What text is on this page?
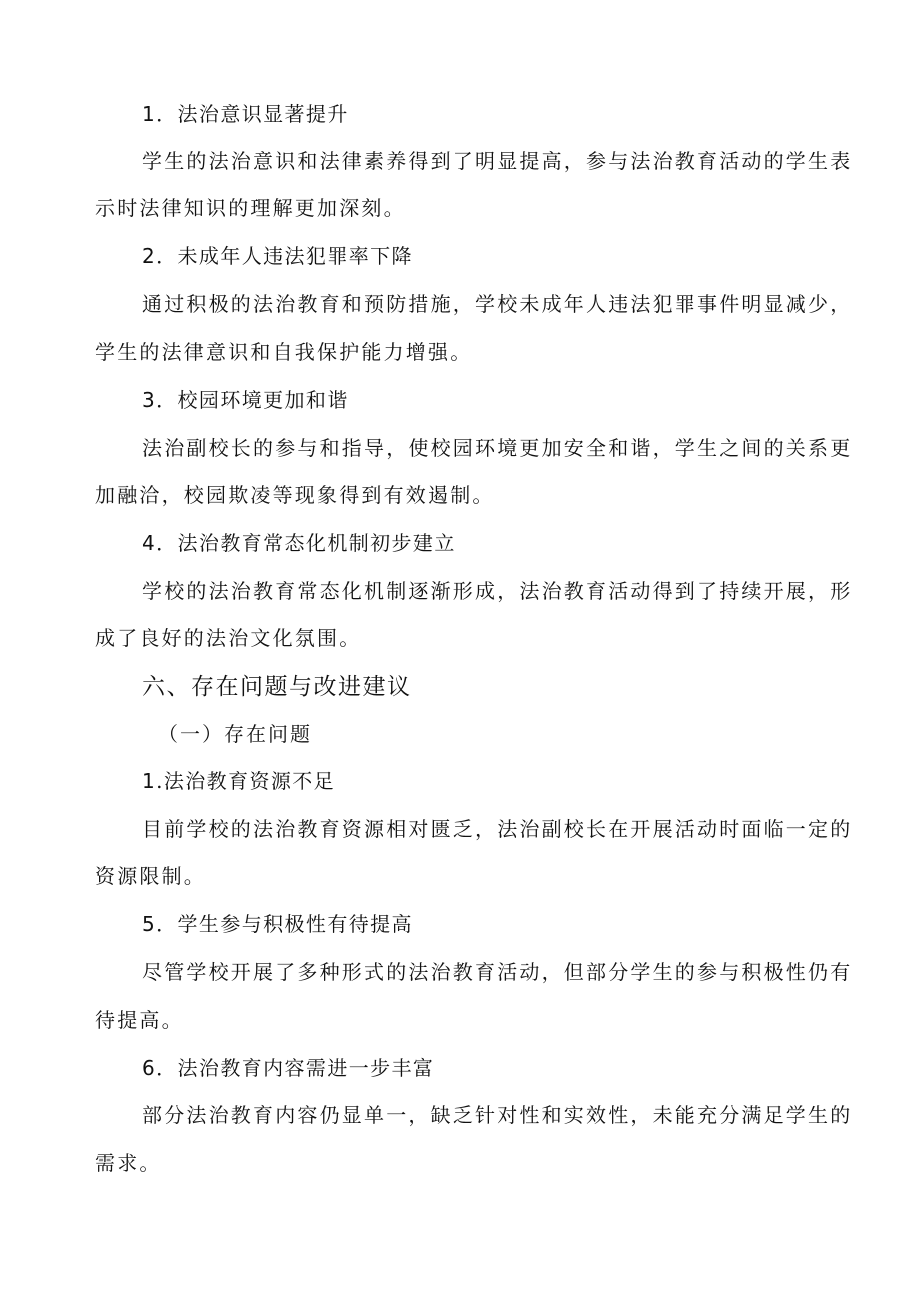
1．法治意识显著提升
学生的法治意识和法律素养得到了明显提高，参与法治教育活动的学生表
示时法律知识的理解更加深刻。
2．未成年人违法犯罪率下降
通过积极的法治教育和预防措施，学校未成年人违法犯罪事件明显减少，
学生的法律意识和自我保护能力增强。
3．校园环境更加和谐
法治副校长的参与和指导，使校园环境更加安全和谐，学生之间的关系更
加融洽，校园欺凌等现象得到有效遏制。
4．法治教育常态化机制初步建立
学校的法治教育常态化机制逐渐形成，法治教育活动得到了持续开展，形
成了良好的法治文化氛围。
六、存在问题与改进建议
（一）存在问题
1.法治教育资源不足
目前学校的法治教育资源相对匮乏，法治副校长在开展活动时面临一定的
资源限制。
5．学生参与积极性有待提高
尽管学校开展了多种形式的法治教育活动，但部分学生的参与积极性仍有
待提高。
6．法治教育内容需进一步丰富
部分法治教育内容仍显单一，缺乏针对性和实效性，未能充分满足学生的
需求。
